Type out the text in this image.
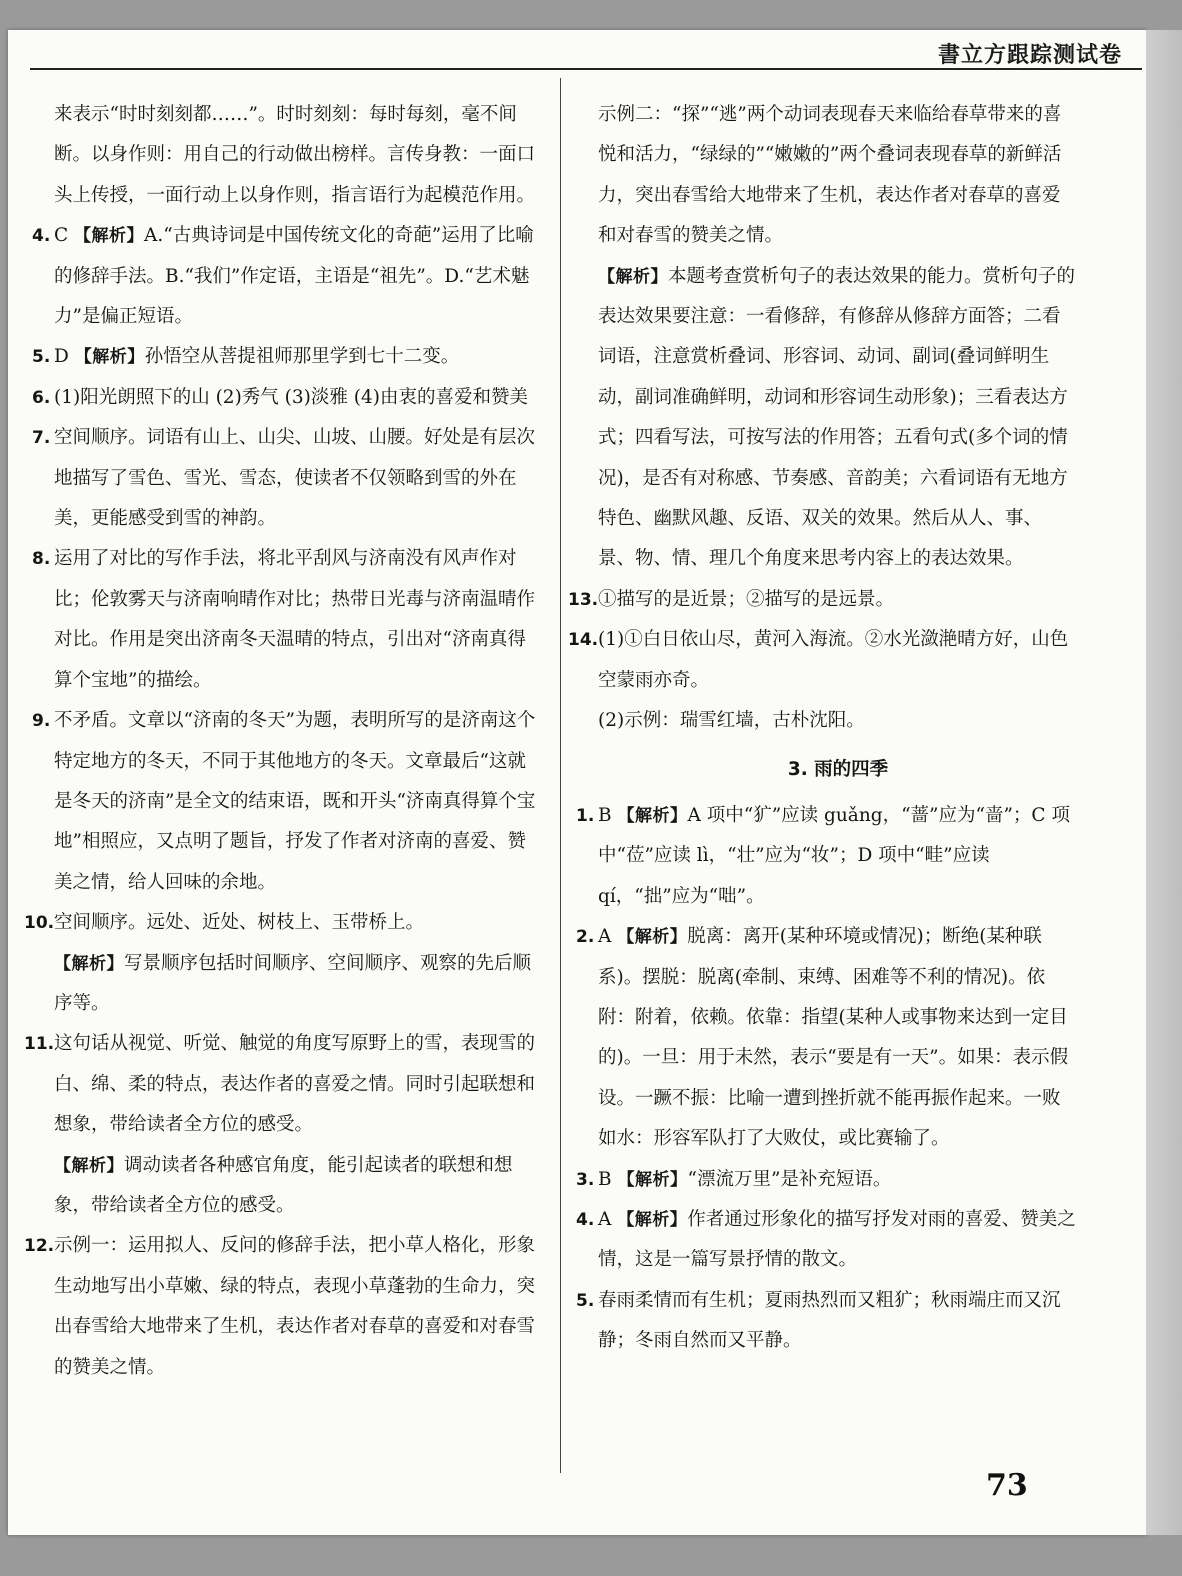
書立方跟踪测试卷

来表示“时时刻刻都……”。时时刻刻：每时每刻，毫不间断。以身作则：用自己的行动做出榜样。言传身教：一面口头上传授，一面行动上以身作则，指言语行为起模范作用。

4. C 【解析】A.“古典诗词是中国传统文化的奇葩”运用了比喻的修辞手法。B.“我们”作定语，主语是“祖先”。D.“艺术魅力”是偏正短语。
5. D 【解析】孙悟空从菩提祖师那里学到七十二变。
6. (1)阳光朗照下的山 (2)秀气 (3)淡雅 (4)由衷的喜爱和赞美
7. 空间顺序。词语有山上、山尖、山坡、山腰。好处是有层次地描写了雪色、雪光、雪态，使读者不仅领略到雪的外在美，更能感受到雪的神韵。
8. 运用了对比的写作手法，将北平刮风与济南没有风声作对比；伦敦雾天与济南响晴作对比；热带日光毒与济南温晴作对比。作用是突出济南冬天温晴的特点，引出对“济南真得算个宝地”的描绘。
9. 不矛盾。文章以“济南的冬天”为题，表明所写的是济南这个特定地方的冬天，不同于其他地方的冬天。文章最后“这就是冬天的济南”是全文的结束语，既和开头“济南真得算个宝地”相照应，又点明了题旨，抒发了作者对济南的喜爱、赞美之情，给人回味的余地。
10. 空间顺序。远处、近处、树枝上、玉带桥上。

【解析】写景顺序包括时间顺序、空间顺序、观察的先后顺序等。

11. 这句话从视觉、听觉、触觉的角度写原野上的雪，表现雪的白、绵、柔的特点，表达作者的喜爱之情。同时引起联想和想象，带给读者全方位的感受。

【解析】调动读者各种感官角度，能引起读者的联想和想象，带给读者全方位的感受。

12. 示例一：运用拟人、反问的修辞手法，把小草人格化，形象生动地写出小草嫩、绿的特点，表现小草蓬勃的生命力，突出春雪给大地带来了生机，表达作者对春草的喜爱和对春雪的赞美之情。

示例二：“探”“逃”两个动词表现春天来临给春草带来的喜悦和活力，“绿绿的”“嫩嫩的”两个叠词表现春草的新鲜活力，突出春雪给大地带来了生机，表达作者对春草的喜爱和对春雪的赞美之情。

【解析】本题考查赏析句子的表达效果的能力。赏析句子的表达效果要注意：一看修辞，有修辞从修辞方面答；二看词语，注意赏析叠词、形容词、动词、副词(叠词鲜明生动，副词准确鲜明，动词和形容词生动形象)；三看表达方式；四看写法，可按写法的作用答；五看句式(多个词的情况)，是否有对称感、节奏感、音韵美；六看词语有无地方特色、幽默风趣、反语、双关的效果。然后从人、事、景、物、情、理几个角度来思考内容上的表达效果。

13. ①描写的是近景；②描写的是远景。
14. (1)①白日依山尽，黄河入海流。②水光潋滟晴方好，山色空蒙雨亦奇。

(2)示例：瑞雪红墙，古朴沈阳。

3. 雨的四季
1. B 【解析】A 项中“犷”应读 guǎng，“蔷”应为“啬”；C 项中“莅”应读 lì，“壮”应为“妆”；D 项中“畦”应读 qí，“拙”应为“咄”。
2. A 【解析】脱离：离开(某种环境或情况)；断绝(某种联系)。摆脱：脱离(牵制、束缚、困难等不利的情况)。依附：附着，依赖。依靠：指望(某种人或事物来达到一定目的)。一旦：用于未然，表示“要是有一天”。如果：表示假设。一蹶不振：比喻一遭到挫折就不能再振作起来。一败如水：形容军队打了大败仗，或比赛输了。
3. B 【解析】“漂流万里”是补充短语。
4. A 【解析】作者通过形象化的描写抒发对雨的喜爱、赞美之情，这是一篇写景抒情的散文。
5. 春雨柔情而有生机；夏雨热烈而又粗犷；秋雨端庄而又沉静；冬雨自然而又平静。
73
